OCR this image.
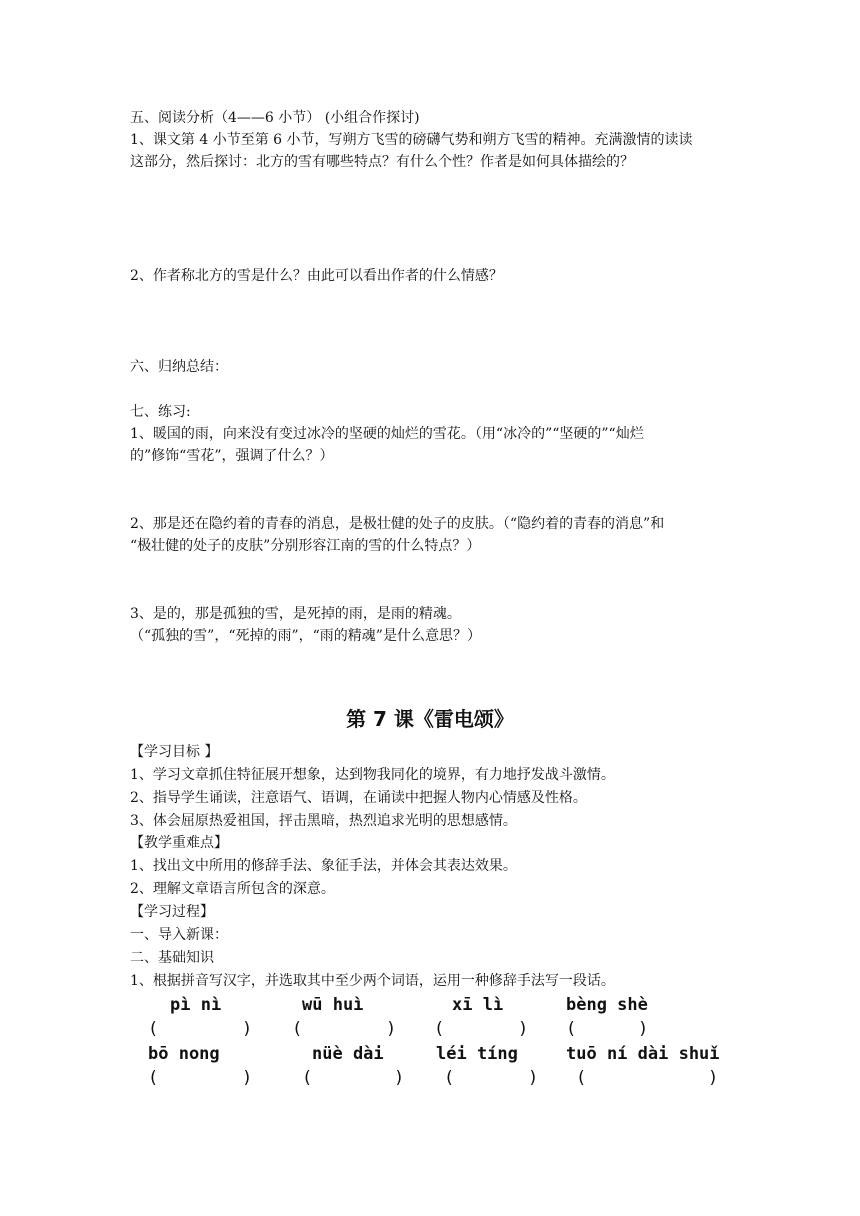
五、阅读分析（4——6 小节） (小组合作探讨)
1、课文第 4 小节至第 6 小节，写朔方飞雪的磅礴气势和朔方飞雪的精神。充满激情的读读
这部分，然后探讨：北方的雪有哪些特点？有什么个性？作者是如何具体描绘的？
2、作者称北方的雪是什么？由此可以看出作者的什么情感？
六、归纳总结：
七、练习:
1、暖国的雨，向来没有变过冰冷的坚硬的灿烂的雪花。（用“冰冷的”“坚硬的”“灿烂
的”修饰“雪花”，强调了什么？）
2、那是还在隐约着的青春的消息，是极壮健的处子的皮肤。（“隐约着的青春的消息”和
“极壮健的处子的皮肤”分别形容江南的雪的什么特点？）
3、是的，那是孤独的雪，是死掉的雨，是雨的精魂。
（“孤独的雪”，“死掉的雨”，“雨的精魂”是什么意思？）
第 7 课《雷电颂》
【学习目标 】
1、学习文章抓住特征展开想象，达到物我同化的境界，有力地抒发战斗激情。
2、指导学生诵读，注意语气、语调，在诵读中把握人物内心情感及性格。
3、体会屈原热爱祖国，抨击黑暗，热烈追求光明的思想感情。
【教学重难点】
1、找出文中所用的修辞手法、象征手法，并体会其表达效果。
2、理解文章语言所包含的深意。
【学习过程】
一、导入新课：
二、基础知识
1、根据拼音写汉字，并选取其中至少两个词语，运用一种修辞手法写一段话。
pì nì	wū huì	xī lì	bèng shè
(	) (	) (	) (	)
bō nong	nüè dài	léi tíng	tuō ní dài shuǐ
(	)	(	) (	) (	)
